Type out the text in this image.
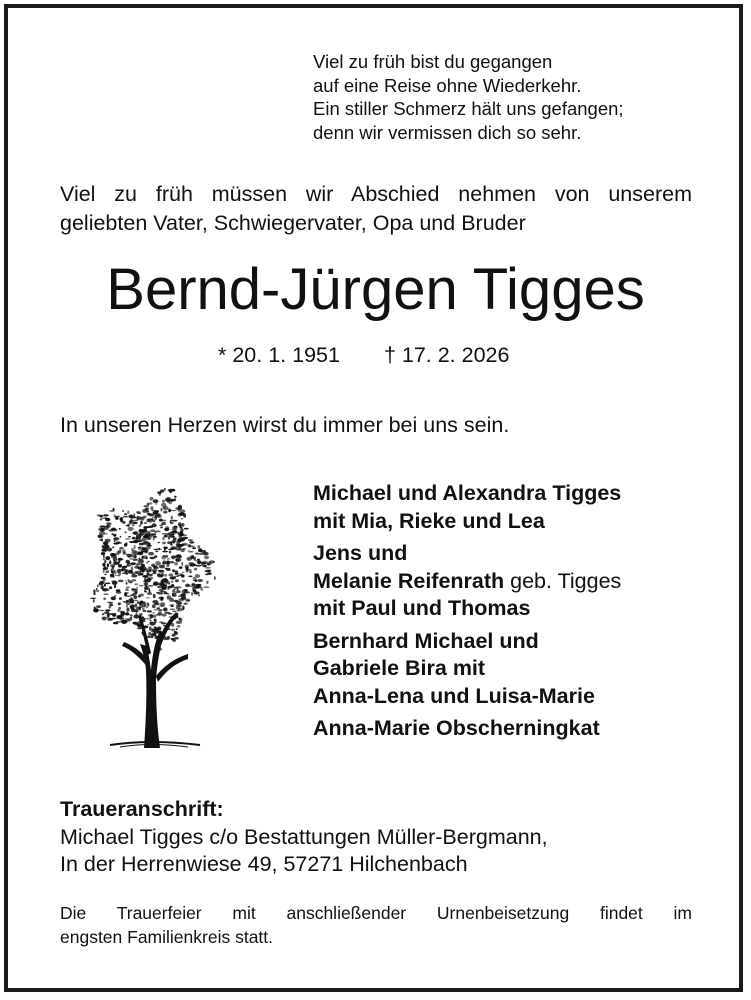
Viel zu früh bist du gegangen
auf eine Reise ohne Wiederkehr.
Ein stiller Schmerz hält uns gefangen;
denn wir vermissen dich so sehr.
Viel zu früh müssen wir Abschied nehmen von unserem
geliebten Vater, Schwiegervater, Opa und Bruder
Bernd-Jürgen Tigges
* 20. 1. 1951 † 17. 2. 2026
In unseren Herzen wirst du immer bei uns sein.
Michael und Alexandra Tigges
mit Mia, Rieke und Lea
Jens und
Melanie Reifenrath geb. Tigges
mit Paul und Thomas
Bernhard Michael und
Gabriele Bira mit
Anna-Lena und Luisa-Marie
Anna-Marie Obscherningkat
Traueranschrift:
Michael Tigges c/o Bestattungen Müller-Bergmann,
In der Herrenwiese 49, 57271 Hilchenbach
Die Trauerfeier mit anschließender Urnenbeisetzung findet im
engsten Familienkreis statt.
